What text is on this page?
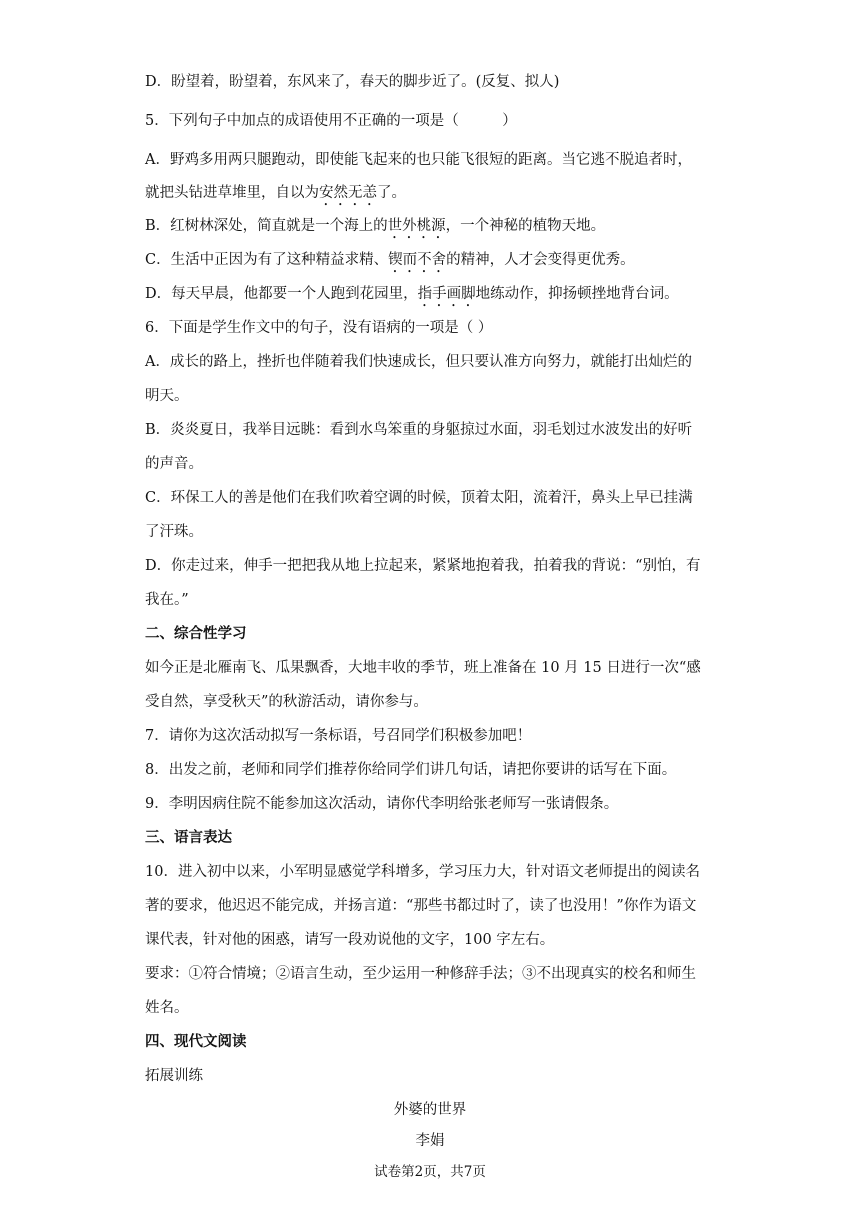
D．盼望着，盼望着，东风来了，春天的脚步近了。(反复、拟人)
5．下列句子中加点的成语使用不正确的一项是（　　　）
A．野鸡多用两只腿跑动，即使能飞起来的也只能飞很短的距离。当它逃不脱追者时，
就把头钻进草堆里，自以为安然无恙了。
B．红树林深处，简直就是一个海上的世外桃源，一个神秘的植物天地。
C．生活中正因为有了这种精益求精、锲而不舍的精神，人才会变得更优秀。
D．每天早晨，他都要一个人跑到花园里，指手画脚地练动作，抑扬顿挫地背台词。
6．下面是学生作文中的句子，没有语病的一项是（ ）
A．成长的路上，挫折也伴随着我们快速成长，但只要认准方向努力，就能打出灿烂的
明天。
B．炎炎夏日，我举目远眺：看到水鸟笨重的身躯掠过水面，羽毛划过水波发出的好听
的声音。
C．环保工人的善是他们在我们吹着空调的时候，顶着太阳，流着汗，鼻头上早已挂满
了汗珠。
D．你走过来，伸手一把把我从地上拉起来，紧紧地抱着我，拍着我的背说：“别怕，有
我在。”
二、综合性学习
如今正是北雁南飞、瓜果飘香，大地丰收的季节，班上准备在 10 月 15 日进行一次“感
受自然，享受秋天”的秋游活动，请你参与。
7．请你为这次活动拟写一条标语，号召同学们积极参加吧！
8．出发之前，老师和同学们推荐你给同学们讲几句话，请把你要讲的话写在下面。
9．李明因病住院不能参加这次活动，请你代李明给张老师写一张请假条。
三、语言表达
10．进入初中以来，小军明显感觉学科增多，学习压力大，针对语文老师提出的阅读名
著的要求，他迟迟不能完成，并扬言道：“那些书都过时了，读了也没用！”你作为语文
课代表，针对他的困惑，请写一段劝说他的文字，100 字左右。
要求：①符合情境；②语言生动，至少运用一种修辞手法；③不出现真实的校名和师生
姓名。
四、现代文阅读
拓展训练
外婆的世界
李娟
试卷第2页，共7页
